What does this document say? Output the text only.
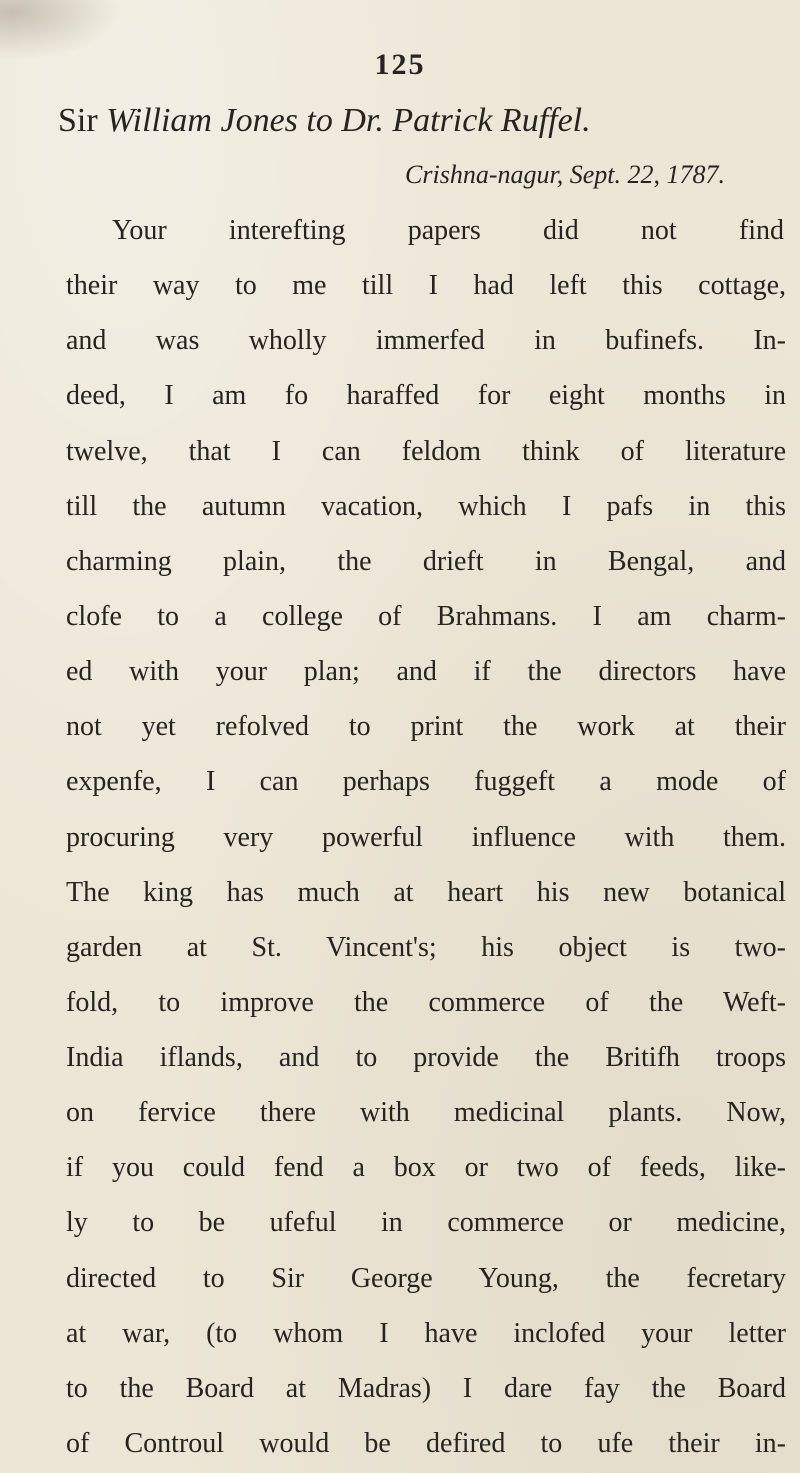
125
Sir William Jones to Dr. Patrick Ruffel.
Crishna-nagur, Sept. 22, 1787.
Your interefting papers did not find
their way to me till I had left this cottage,
and was wholly immerfed in bufinefs. In-
deed, I am fo haraffed for eight months in
twelve, that I can feldom think of literature
till the autumn vacation, which I pafs in this
charming plain, the drieft in Bengal, and
clofe to a college of Brahmans. I am charm-
ed with your plan; and if the directors have
not yet refolved to print the work at their
expenfe, I can perhaps fuggeft a mode of
procuring very powerful influence with them.
The king has much at heart his new botanical
garden at St. Vincent's; his object is two-
fold, to improve the commerce of the Weft-
India iflands, and to provide the Britifh troops
on fervice there with medicinal plants. Now,
if you could fend a box or two of feeds, like-
ly to be ufeful in commerce or medicine,
directed to Sir George Young, the fecretary
at war, (to whom I have inclofed your letter
to the Board at Madras) I dare fay the Board
of Controul would be defired to ufe their in-
